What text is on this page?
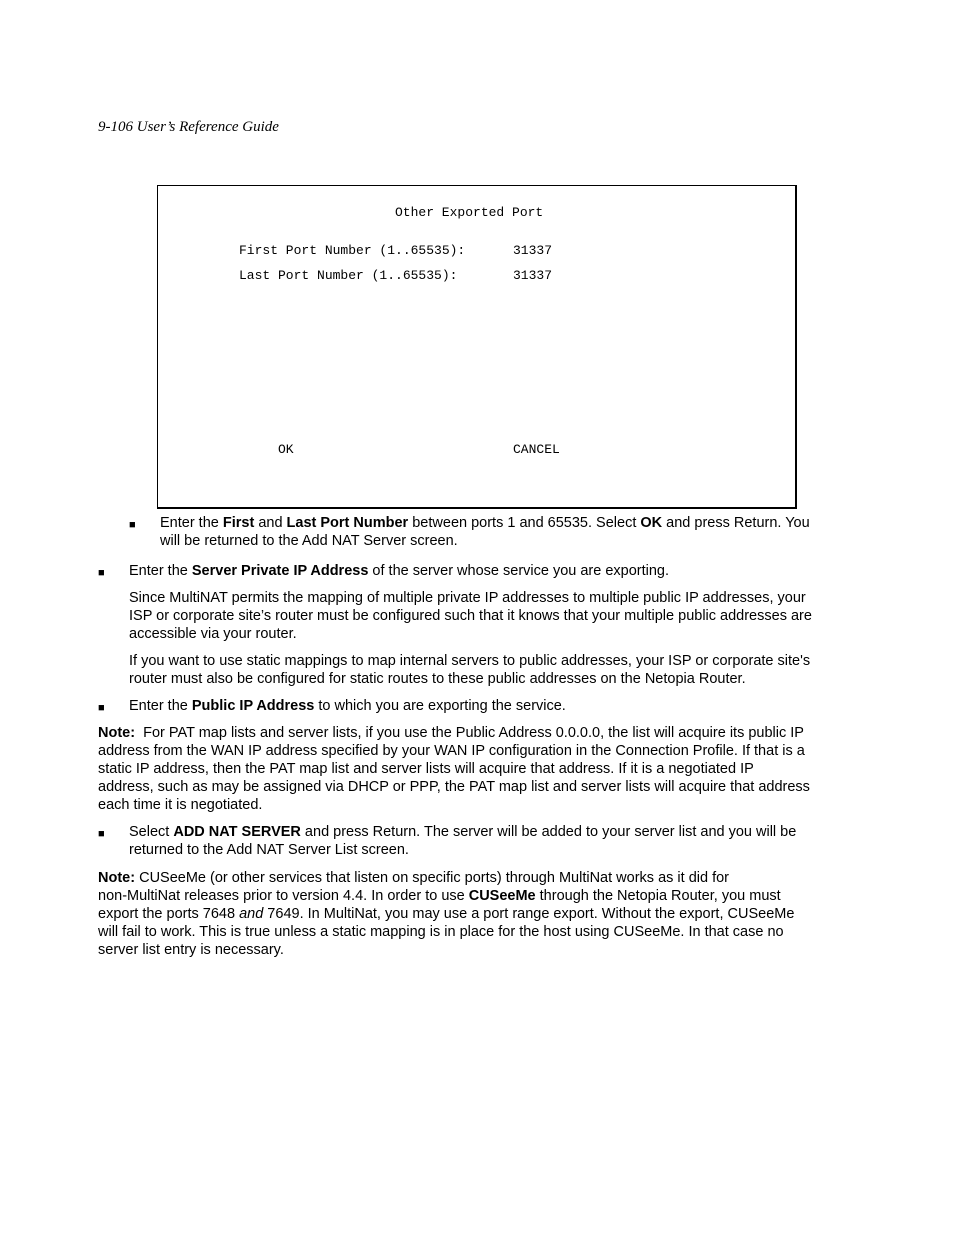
9-106 User’s Reference Guide
Other Exported Port
First Port Number (1..65535):	31337
Last Port Number (1..65535):	31337
OK	CANCEL
■ Enter the First and Last Port Number between ports 1 and 65535. Select OK and press Return. You
will be returned to the Add NAT Server screen.
■ Enter the Server Private IP Address of the server whose service you are exporting.
Since MultiNAT permits the mapping of multiple private IP addresses to multiple public IP addresses, your
ISP or corporate site’s router must be configured such that it knows that your multiple public addresses are
accessible via your router.
If you want to use static mappings to map internal servers to public addresses, your ISP or corporate site's
router must also be configured for static routes to these public addresses on the Netopia Router.
■ Enter the Public IP Address to which you are exporting the service.
Note:  For PAT map lists and server lists, if you use the Public Address 0.0.0.0, the list will acquire its public IP
address from the WAN IP address specified by your WAN IP configuration in the Connection Profile. If that is a
static IP address, then the PAT map list and server lists will acquire that address. If it is a negotiated IP
address, such as may be assigned via DHCP or PPP, the PAT map list and server lists will acquire that address
each time it is negotiated.
■ Select ADD NAT SERVER and press Return. The server will be added to your server list and you will be
returned to the Add NAT Server List screen.
Note: CUSeeMe (or other services that listen on specific ports) through MultiNat works as it did for
non-MultiNat releases prior to version 4.4. In order to use CUSeeMe through the Netopia Router, you must
export the ports 7648 and 7649. In MultiNat, you may use a port range export. Without the export, CUSeeMe
will fail to work. This is true unless a static mapping is in place for the host using CUSeeMe. In that case no
server list entry is necessary.
